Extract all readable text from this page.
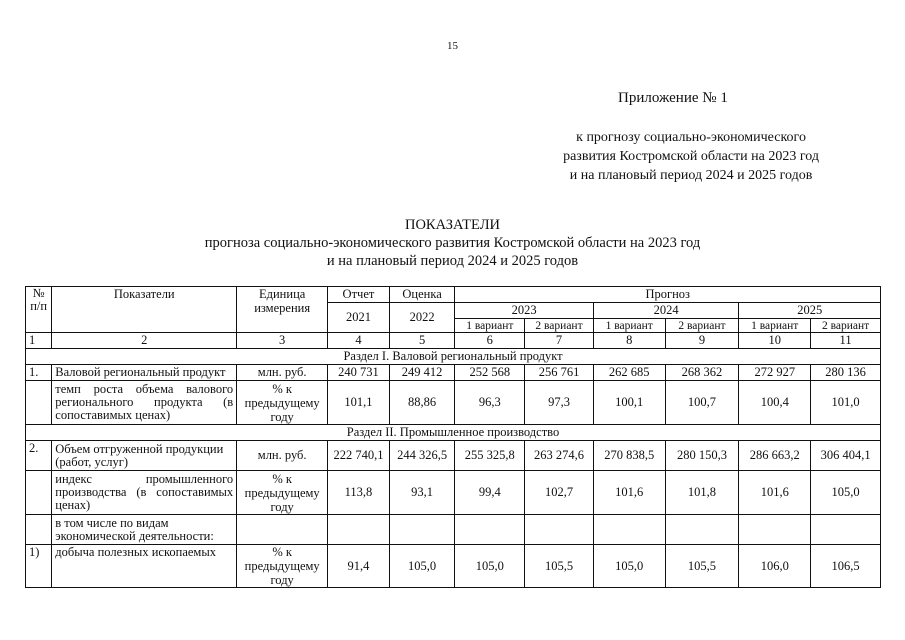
15
Приложение № 1
к прогнозу социально-экономического
развития Костромской области на 2023 год
и на плановый период 2024 и 2025 годов
ПОКАЗАТЕЛИ
прогноза социально-экономического развития Костромской области на 2023 год
и на плановый период 2024 и 2025 годов
№ п/п	Показатели	Единица измерения	Отчет	Оценка	Прогноз					
			2021	2022	2023		2024		2025	
					1 вариант	2 вариант	1 вариант	2 вариант	1 вариант	2 вариант
1	2	3	4	5	6	7	8	9	10	11
Раздел I. Валовой региональный продукт										
1.	Валовой региональный продукт	млн. руб.	240 731	249 412	252 568	256 761	262 685	268 362	272 927	280 136
	темп роста объема валового регионального продукта (в сопоставимых ценах)	% к предыдущему году	101,1	88,86	96,3	97,3	100,1	100,7	100,4	101,0
Раздел II. Промышленное производство										
2.	Объем отгруженной продукции (работ, услуг)	млн. руб.	222 740,1	244 326,5	255 325,8	263 274,6	270 838,5	280 150,3	286 663,2	306 404,1
	индекс промышленного производства (в сопоставимых ценах)	% к предыдущему году	113,8	93,1	99,4	102,7	101,6	101,8	101,6	105,0
	в том числе по видам экономической деятельности:									
1)	добыча полезных ископаемых	% к предыдущему году	91,4	105,0	105,0	105,5	105,0	105,5	106,0	106,5
